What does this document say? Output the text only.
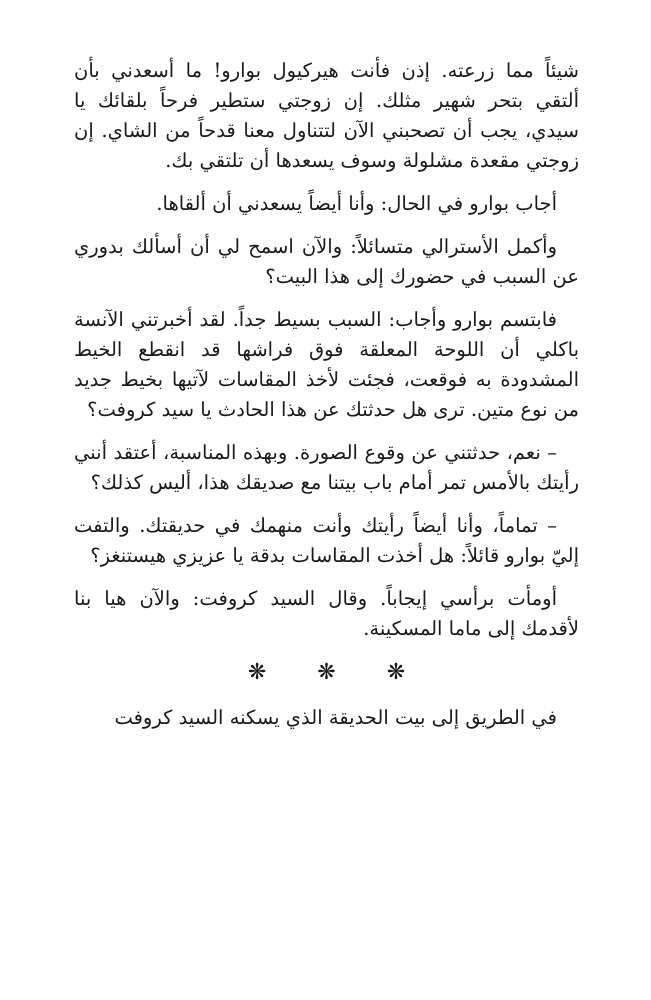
شيئاً مما زرعته. إذن فأنت هيركيول بوارو! ما أسعدني بأن ألتقي بتحر شهير مثلك. إن زوجتي ستطير فرحاً بلقائك يا سيدي، يجب أن تصحبني الآن لتتناول معنا قدحاً من الشاي. إن زوجتي مقعدة مشلولة وسوف يسعدها أن تلتقي بك.

أجاب بوارو في الحال: وأنا أيضاً يسعدني أن ألقاها.

وأكمل الأسترالي متسائلاً: والآن اسمح لي أن أسألك بدوري عن السبب في حضورك إلى هذا البيت؟

فابتسم بوارو وأجاب: السبب بسيط جداً. لقد أخبرتني الآنسة باكلي أن اللوحة المعلقة فوق فراشها قد انقطع الخيط المشدودة به فوقعت، فجئت لأخذ المقاسات لآتيها بخيط جديد من نوع متين. ترى هل حدثتك عن هذا الحادث يا سيد كروفت؟

– نعم، حدثتني عن وقوع الصورة. وبهذه المناسبة، أعتقد أنني رأيتك بالأمس تمر أمام باب بيتنا مع صديقك هذا، أليس كذلك؟

– تماماً، وأنا أيضاً رأيتك وأنت منهمك في حديقتك. والتفت إليّ بوارو قائلاً: هل أخذت المقاسات بدقة يا عزيزي هيستنغز؟

أومأت برأسي إيجاباً. وقال السيد كروفت: والآن هيا بنا لأقدمك إلى ماما المسكينة.

❋ ❋ ❋

في الطريق إلى بيت الحديقة الذي يسكنه السيد كروفت
